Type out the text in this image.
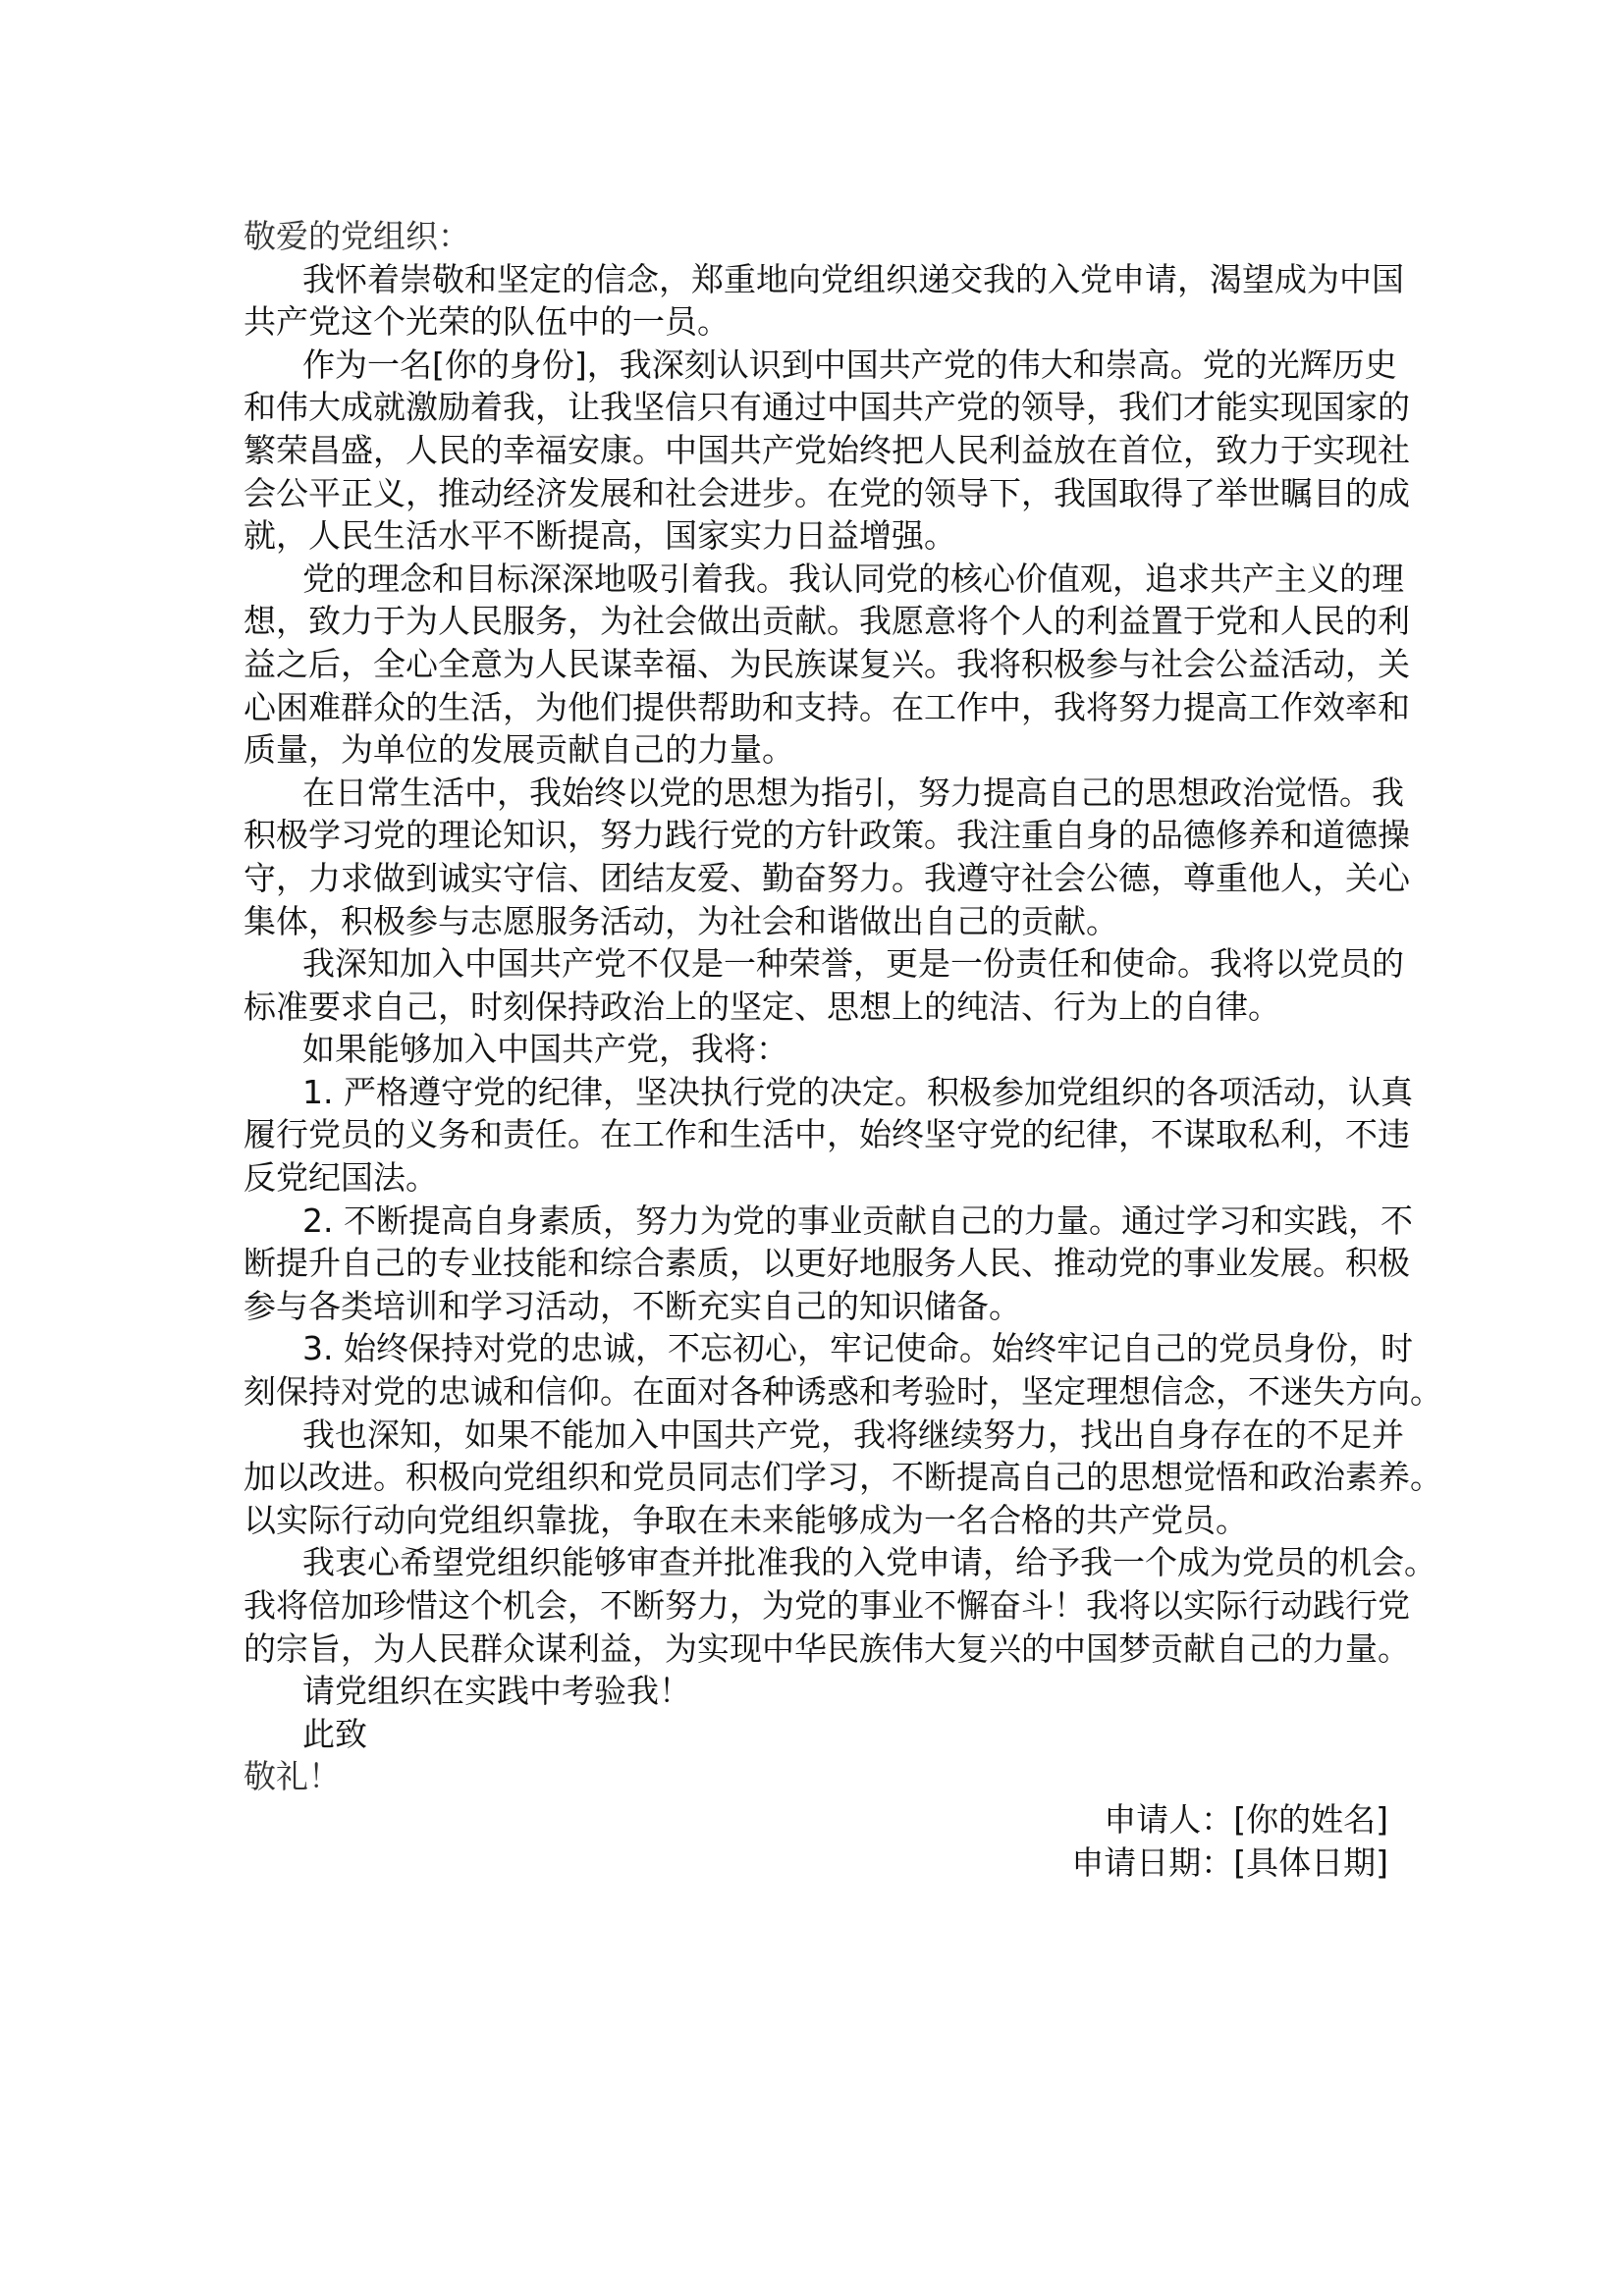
敬爱的党组织：
我怀着崇敬和坚定的信念，郑重地向党组织递交我的入党申请，渴望成为中国
共产党这个光荣的队伍中的一员。
作为一名[你的身份]，我深刻认识到中国共产党的伟大和崇高。党的光辉历史
和伟大成就激励着我，让我坚信只有通过中国共产党的领导，我们才能实现国家的
繁荣昌盛，人民的幸福安康。中国共产党始终把人民利益放在首位，致力于实现社
会公平正义，推动经济发展和社会进步。在党的领导下，我国取得了举世瞩目的成
就，人民生活水平不断提高，国家实力日益增强。
党的理念和目标深深地吸引着我。我认同党的核心价值观，追求共产主义的理
想，致力于为人民服务，为社会做出贡献。我愿意将个人的利益置于党和人民的利
益之后，全心全意为人民谋幸福、为民族谋复兴。我将积极参与社会公益活动，关
心困难群众的生活，为他们提供帮助和支持。在工作中，我将努力提高工作效率和
质量，为单位的发展贡献自己的力量。
在日常生活中，我始终以党的思想为指引，努力提高自己的思想政治觉悟。我
积极学习党的理论知识，努力践行党的方针政策。我注重自身的品德修养和道德操
守，力求做到诚实守信、团结友爱、勤奋努力。我遵守社会公德，尊重他人，关心
集体，积极参与志愿服务活动，为社会和谐做出自己的贡献。
我深知加入中国共产党不仅是一种荣誉，更是一份责任和使命。我将以党员的
标准要求自己，时刻保持政治上的坚定、思想上的纯洁、行为上的自律。
如果能够加入中国共产党，我将：
1. 严格遵守党的纪律，坚决执行党的决定。积极参加党组织的各项活动，认真
履行党员的义务和责任。在工作和生活中，始终坚守党的纪律，不谋取私利，不违
反党纪国法。
2. 不断提高自身素质，努力为党的事业贡献自己的力量。通过学习和实践，不
断提升自己的专业技能和综合素质，以更好地服务人民、推动党的事业发展。积极
参与各类培训和学习活动，不断充实自己的知识储备。
3. 始终保持对党的忠诚，不忘初心，牢记使命。始终牢记自己的党员身份，时
刻保持对党的忠诚和信仰。在面对各种诱惑和考验时，坚定理想信念，不迷失方向。
我也深知，如果不能加入中国共产党，我将继续努力，找出自身存在的不足并
加以改进。积极向党组织和党员同志们学习，不断提高自己的思想觉悟和政治素养。
以实际行动向党组织靠拢，争取在未来能够成为一名合格的共产党员。
我衷心希望党组织能够审查并批准我的入党申请，给予我一个成为党员的机会。
我将倍加珍惜这个机会，不断努力，为党的事业不懈奋斗！我将以实际行动践行党
的宗旨，为人民群众谋利益，为实现中华民族伟大复兴的中国梦贡献自己的力量。
请党组织在实践中考验我！
此致
敬礼！
申请人：[你的姓名]
申请日期：[具体日期]
